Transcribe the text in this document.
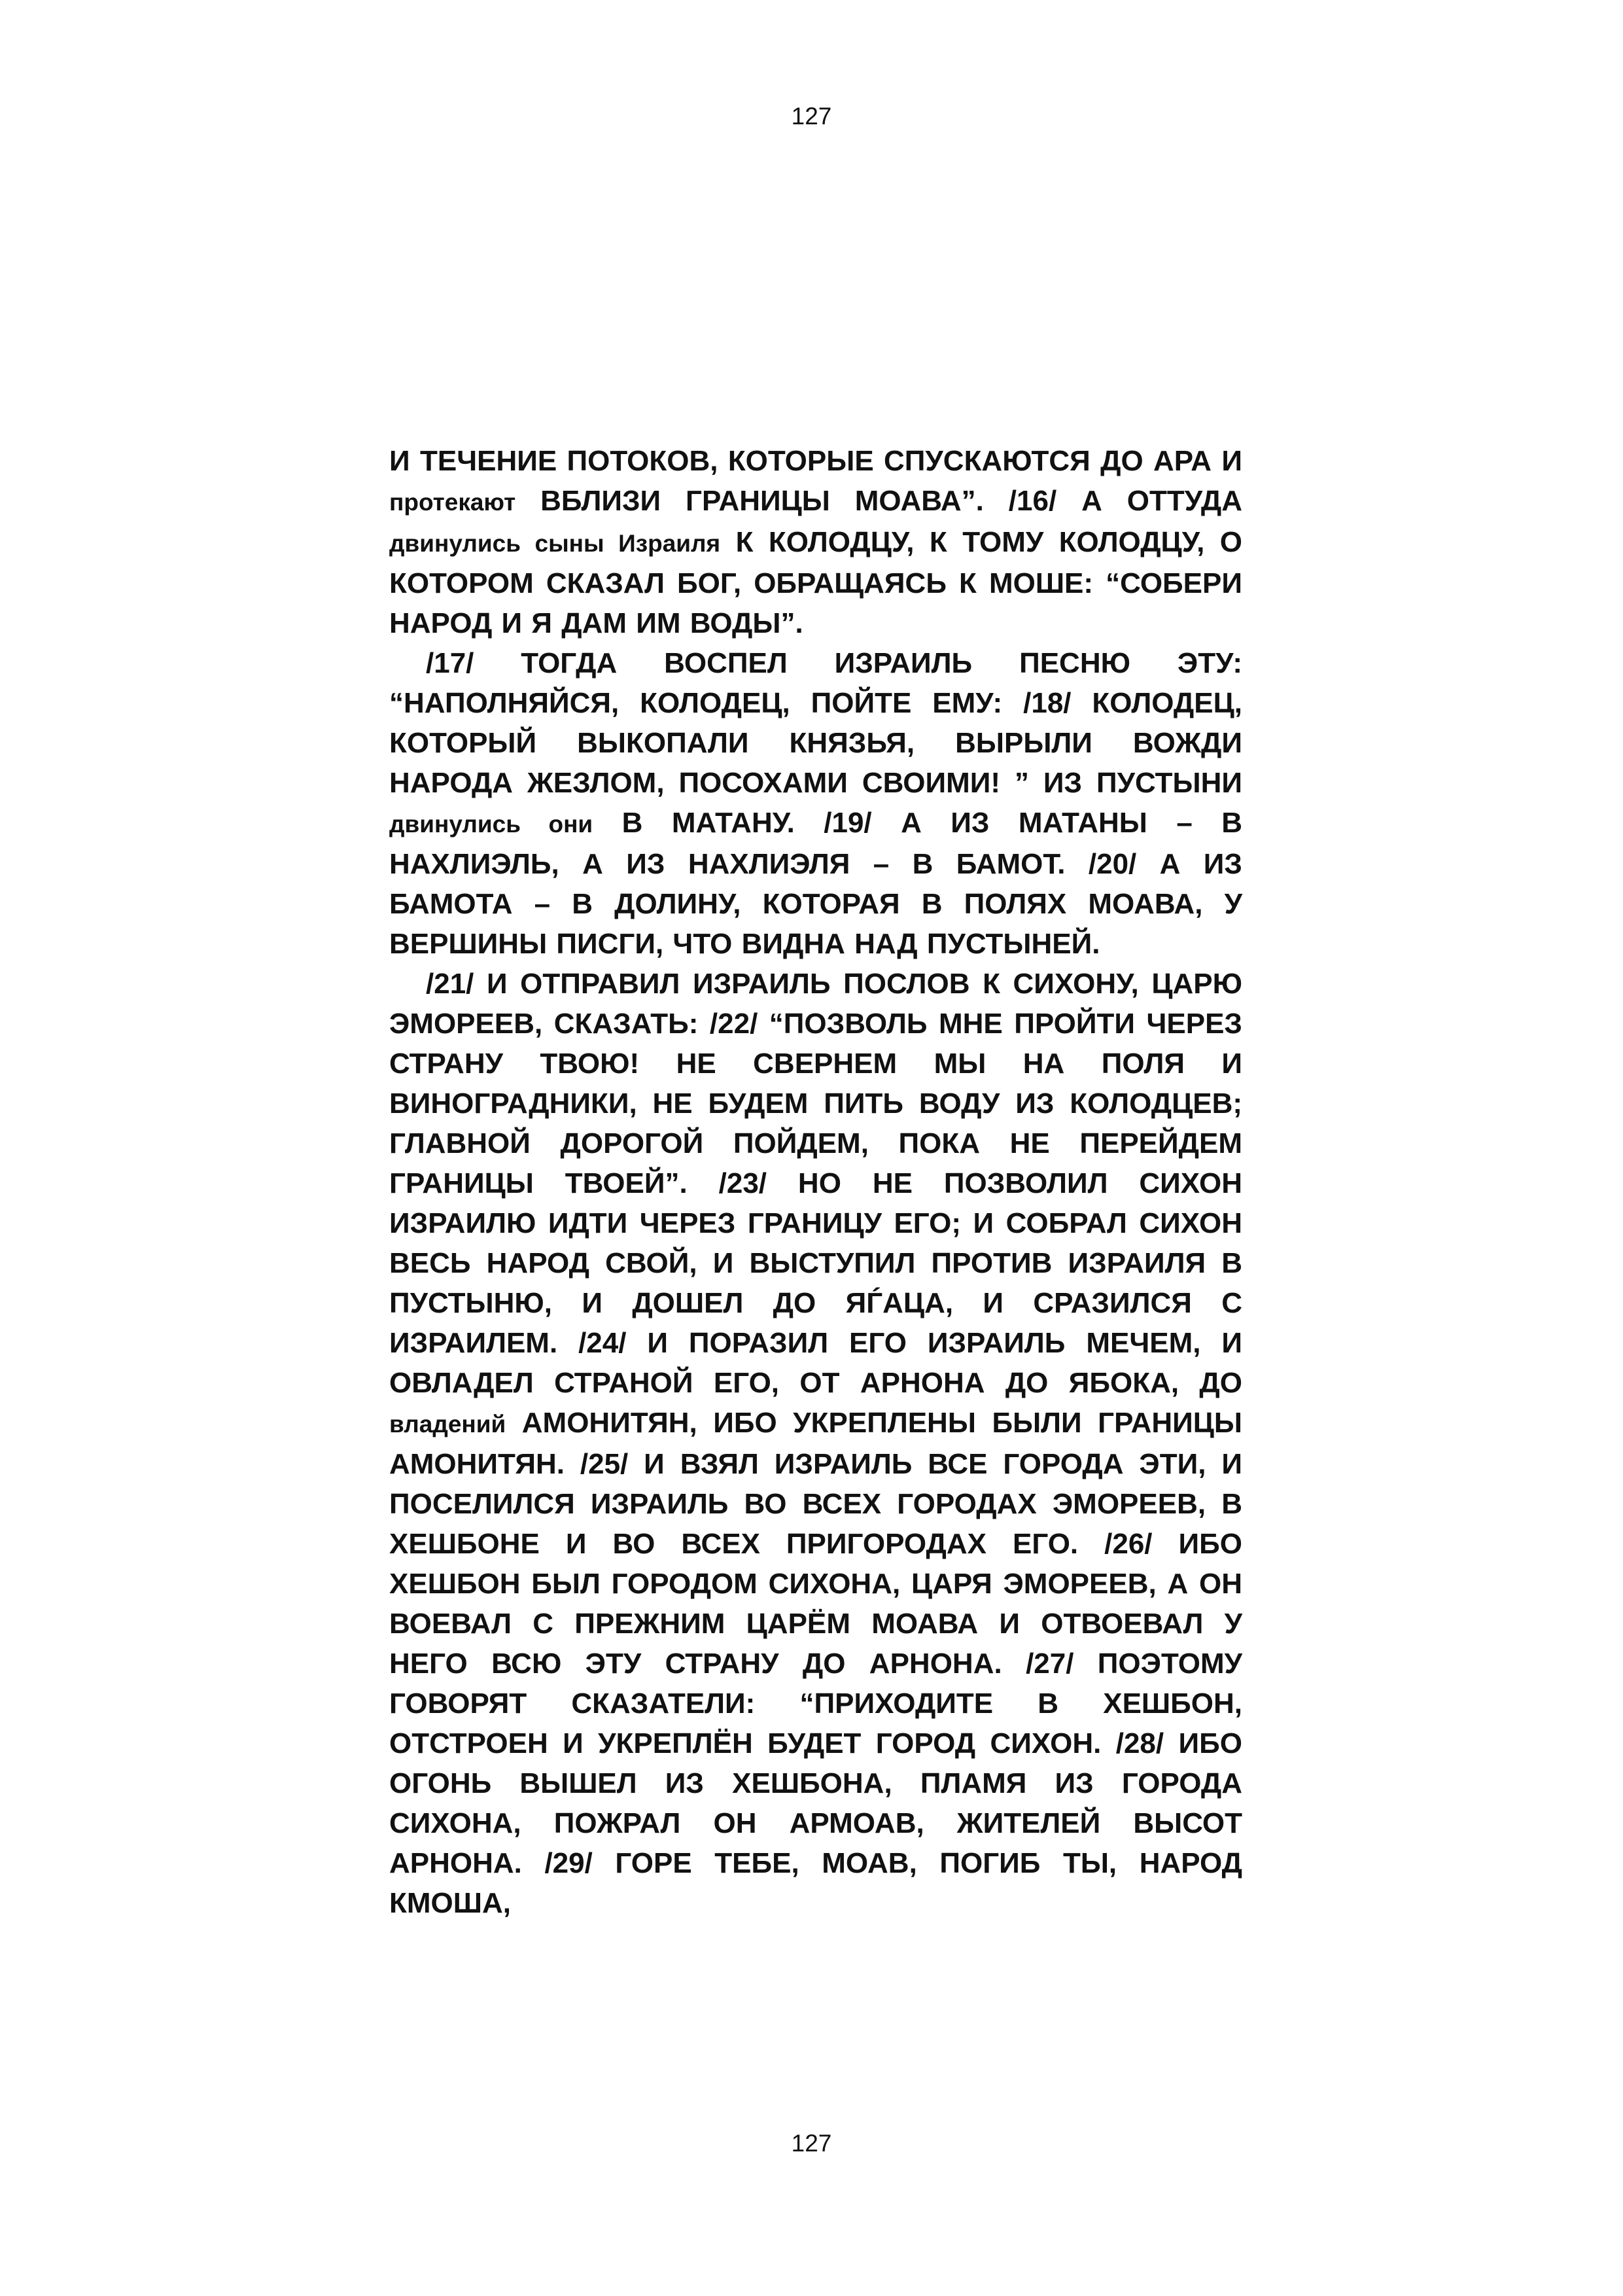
127

И ТЕЧЕНИЕ ПОТОКОВ, КОТОРЫЕ СПУСКАЮТСЯ ДО АРА И протекают ВБЛИЗИ ГРАНИЦЫ МОАВА”. /16/ А ОТТУДА двинулись сыны Израиля К КОЛОДЦУ, К ТОМУ КОЛОДЦУ, О КОТОРОМ СКАЗАЛ БОГ, ОБРАЩАЯСЬ К МОШЕ: “СОБЕРИ НАРОД И Я ДАМ ИМ ВОДЫ”.

/17/ ТОГДА ВОСПЕЛ ИЗРАИЛЬ ПЕСНЮ ЭТУ: “НАПОЛНЯЙСЯ, КОЛОДЕЦ, ПОЙТЕ ЕМУ: /18/ КОЛОДЕЦ, КОТОРЫЙ ВЫКОПАЛИ КНЯЗЬЯ, ВЫРЫЛИ ВОЖДИ НАРОДА ЖЕЗЛОМ, ПОСОХАМИ СВОИМИ! ” ИЗ ПУСТЫНИ двинулись они В МАТАНУ. /19/ А ИЗ МАТАНЫ – В НАХЛИЭЛЬ, А ИЗ НАХЛИЭЛЯ – В БАМОТ. /20/ А ИЗ БАМОТА – В ДОЛИНУ, КОТОРАЯ В ПОЛЯХ МОАВА, У ВЕРШИНЫ ПИСГИ, ЧТО ВИДНА НАД ПУСТЫНЕЙ.

/21/ И ОТПРАВИЛ ИЗРАИЛЬ ПОСЛОВ К СИХОНУ, ЦАРЮ ЭМОРЕЕВ, СКАЗАТЬ: /22/ “ПОЗВОЛЬ МНЕ ПРОЙТИ ЧЕРЕЗ СТРАНУ ТВОЮ! НЕ СВЕРНЕМ МЫ НА ПОЛЯ И ВИНОГРАДНИКИ, НЕ БУДЕМ ПИТЬ ВОДУ ИЗ КОЛОДЦЕВ; ГЛАВНОЙ ДОРОГОЙ ПОЙДЕМ, ПОКА НЕ ПЕРЕЙДЕМ ГРАНИЦЫ ТВОЕЙ”. /23/ НО НЕ ПОЗВОЛИЛ СИХОН ИЗРАИЛЮ ИДТИ ЧЕРЕЗ ГРАНИЦУ ЕГО; И СОБРАЛ СИХОН ВЕСЬ НАРОД СВОЙ, И ВЫСТУПИЛ ПРОТИВ ИЗРАИЛЯ В ПУСТЫНЮ, И ДОШЕЛ ДО ЯЃАЦА, И СРАЗИЛСЯ С ИЗРАИЛЕМ. /24/ И ПОРАЗИЛ ЕГО ИЗРАИЛЬ МЕЧЕМ, И ОВЛАДЕЛ СТРАНОЙ ЕГО, ОТ АРНОНА ДО ЯБОКА, ДО владений АМОНИТЯН, ИБО УКРЕПЛЕНЫ БЫЛИ ГРАНИЦЫ АМОНИТЯН. /25/ И ВЗЯЛ ИЗРАИЛЬ ВСЕ ГОРОДА ЭТИ, И ПОСЕЛИЛСЯ ИЗРАИЛЬ ВО ВСЕХ ГОРОДАХ ЭМОРЕЕВ, В ХЕШБОНЕ И ВО ВСЕХ ПРИГОРОДАХ ЕГО. /26/ ИБО ХЕШБОН БЫЛ ГОРОДОМ СИХОНА, ЦАРЯ ЭМОРЕЕВ, А ОН ВОЕВАЛ С ПРЕЖНИМ ЦАРЁМ МОАВА И ОТВОЕВАЛ У НЕГО ВСЮ ЭТУ СТРАНУ ДО АРНОНА. /27/ ПОЭТОМУ ГОВОРЯТ СКАЗАТЕЛИ: “ПРИХОДИТЕ В ХЕШБОН, ОТСТРОЕН И УКРЕПЛЁН БУДЕТ ГОРОД СИХОН. /28/ ИБО ОГОНЬ ВЫШЕЛ ИЗ ХЕШБОНА, ПЛАМЯ ИЗ ГОРОДА СИХОНА, ПОЖРАЛ ОН АРМОАВ, ЖИТЕЛЕЙ ВЫСОТ АРНОНА. /29/ ГОРЕ ТЕБЕ, МОАВ, ПОГИБ ТЫ, НАРОД КМОША,

127
